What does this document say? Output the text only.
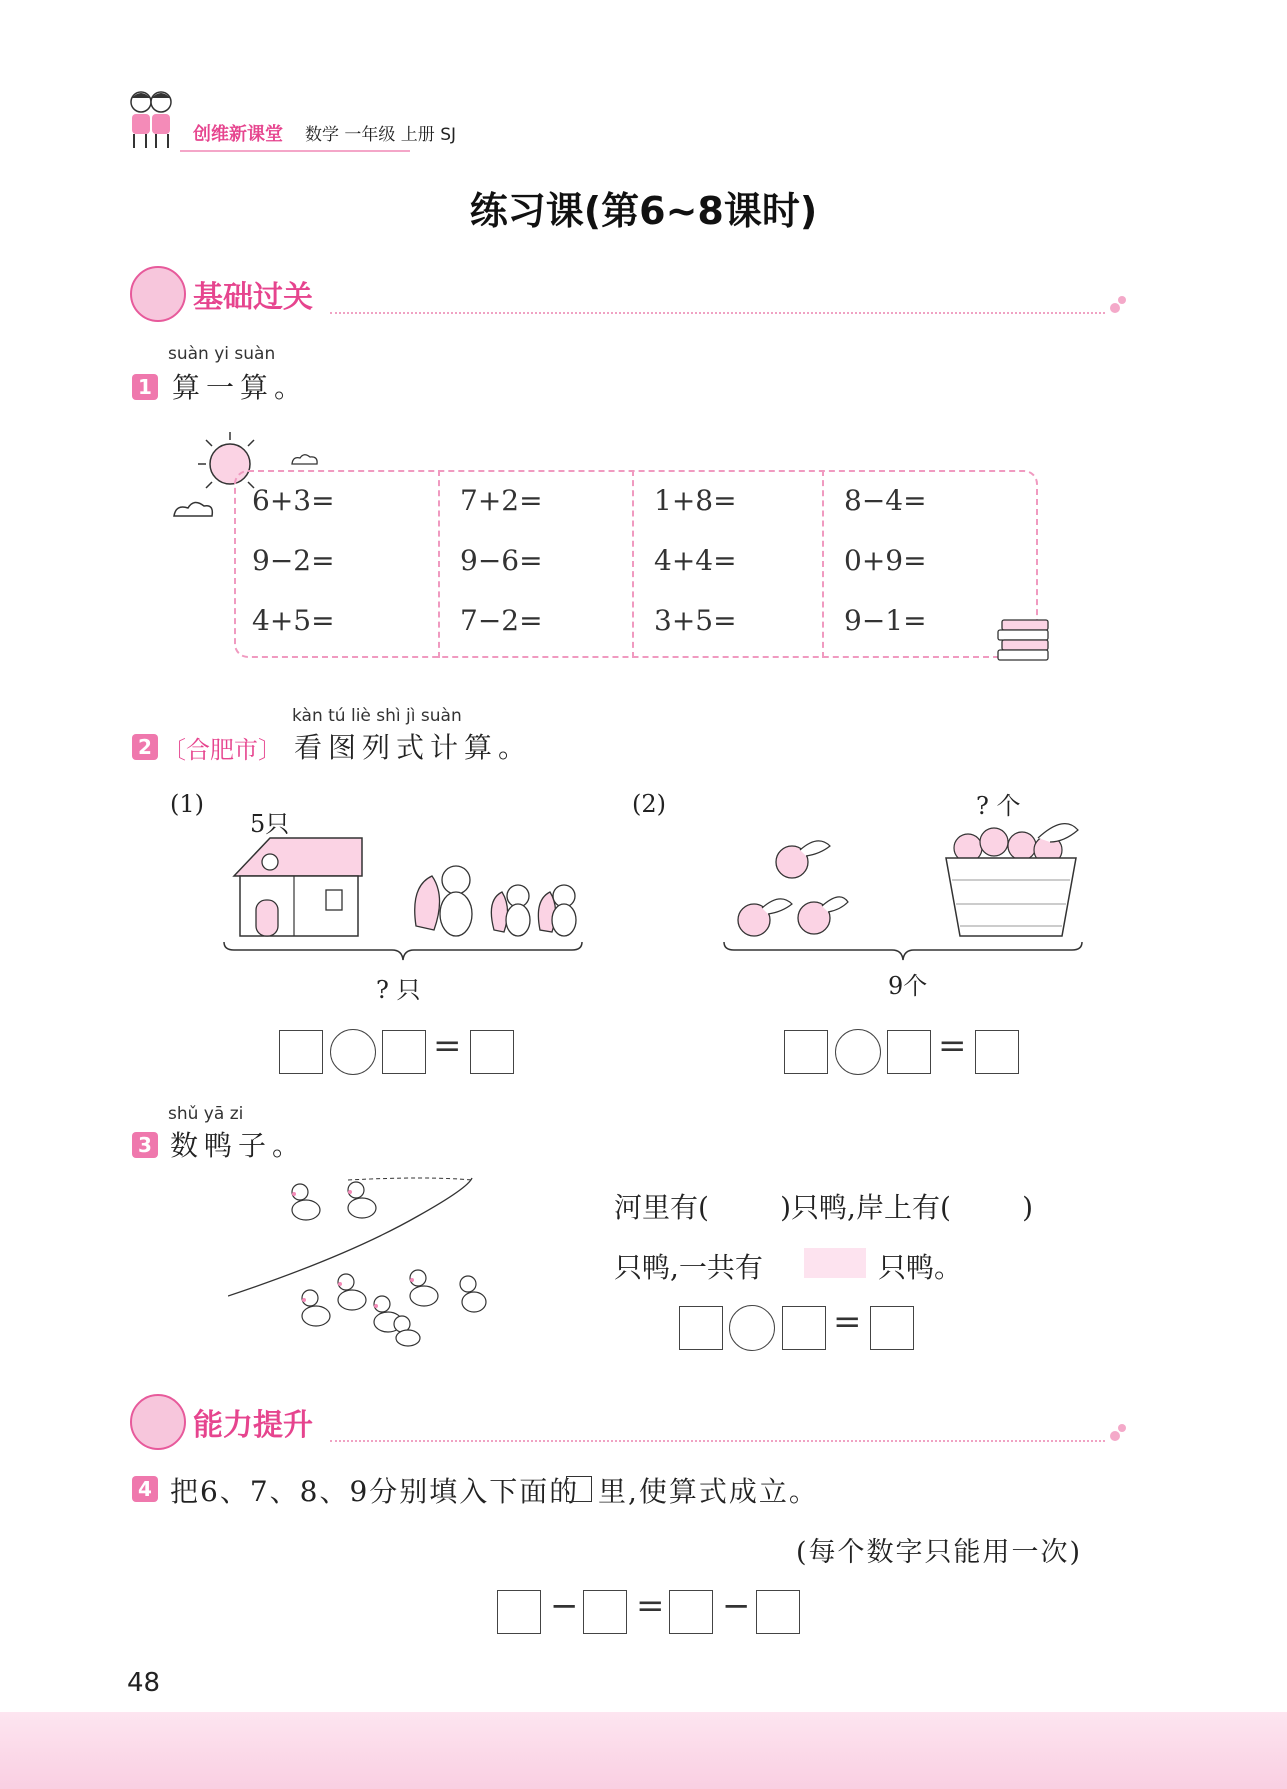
创维新课堂 数学 一年级 上册 SJ
练习课(第6~8课时)
基础过关
suàn yi suàn
1 算一算。
6+3=	7+2=	1+8=	8−4=
9−2=	9−6=	4+4=	0+9=
4+5=	7−2=	3+5=	9−1=
kàn tú liè shì jì suàn
2 〔合肥市〕 看图列式计算。
(1)
5只
? 只
=
(2)	? 个
9个
=
shǔ yā zi
3 数鸭子。
河里有(        )只鸭,岸上有(        )
只鸭,一共有	只鸭。
=
能力提升
4 把6、7、8、9分别填入下面的 里,使算式成立。
(每个数字只能用一次)
− = −
48
